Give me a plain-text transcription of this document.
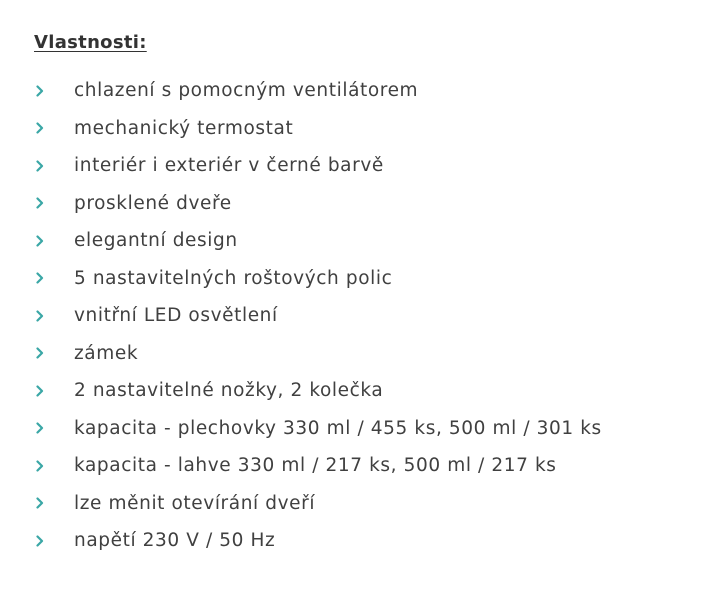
Vlastnosti:
chlazení s pomocným ventilátorem
mechanický termostat
interiér i exteriér v černé barvě
prosklené dveře
elegantní design
5 nastavitelných roštových polic
vnitřní LED osvětlení
zámek
2 nastavitelné nožky, 2 kolečka
kapacita - plechovky 330 ml / 455 ks, 500 ml / 301 ks
kapacita - lahve 330 ml / 217 ks, 500 ml / 217 ks
lze měnit otevírání dveří
napětí 230 V / 50 Hz
